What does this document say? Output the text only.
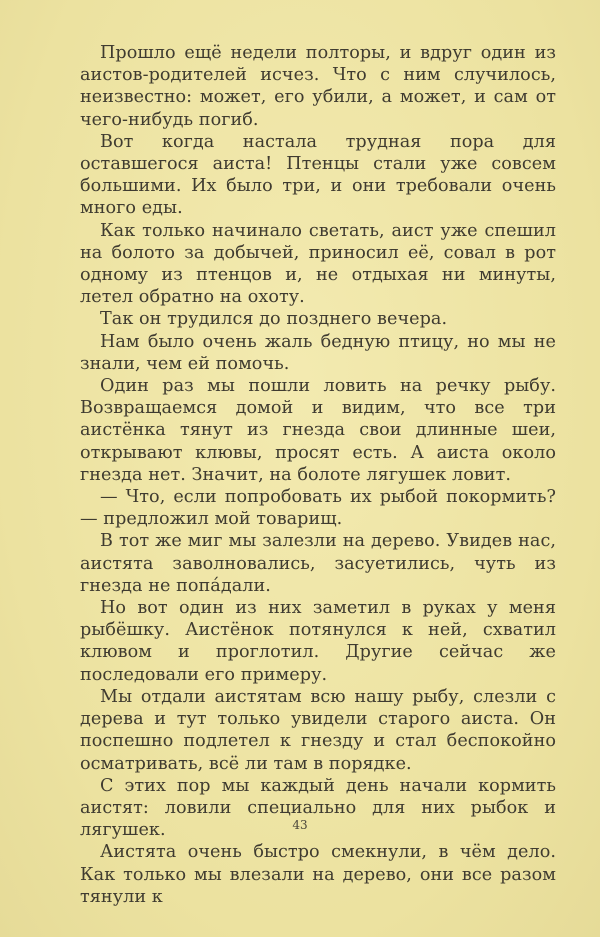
Прошло ещё недели полторы, и вдруг один из аистов-родителей исчез. Что с ним случилось, неизвестно: может, его убили, а может, и сам от чего-нибудь погиб.

Вот когда настала трудная пора для оставшегося аиста! Птенцы стали уже совсем большими. Их было три, и они требовали очень много еды.

Как только начинало светать, аист уже спешил на болото за добычей, приносил её, совал в рот одному из птенцов и, не отдыхая ни минуты, летел обратно на охоту.

Так он трудился до позднего вечера.

Нам было очень жаль бедную птицу, но мы не знали, чем ей помочь.

Один раз мы пошли ловить на речку рыбу. Возвращаемся домой и видим, что все три аистёнка тянут из гнезда свои длинные шеи, открывают клювы, просят есть. А аиста около гнезда нет. Значит, на болоте лягушек ловит.

— Что, если попробовать их рыбой покормить? — предложил мой товарищ.

В тот же миг мы залезли на дерево. Увидев нас, аистята заволновались, засуетились, чуть из гнезда не попа́дали.

Но вот один из них заметил в руках у меня рыбёшку. Аистёнок потянулся к ней, схватил клювом и проглотил. Другие сейчас же последовали его примеру.

Мы отдали аистятам всю нашу рыбу, слезли с дерева и тут только увидели старого аиста. Он поспешно подлетел к гнезду и стал беспокойно осматривать, всё ли там в порядке.

С этих пор мы каждый день начали кормить аистят: ловили специально для них рыбок и лягушек.

Аистята очень быстро смекнули, в чём дело. Как только мы влезали на дерево, они все разом тянули к

43
